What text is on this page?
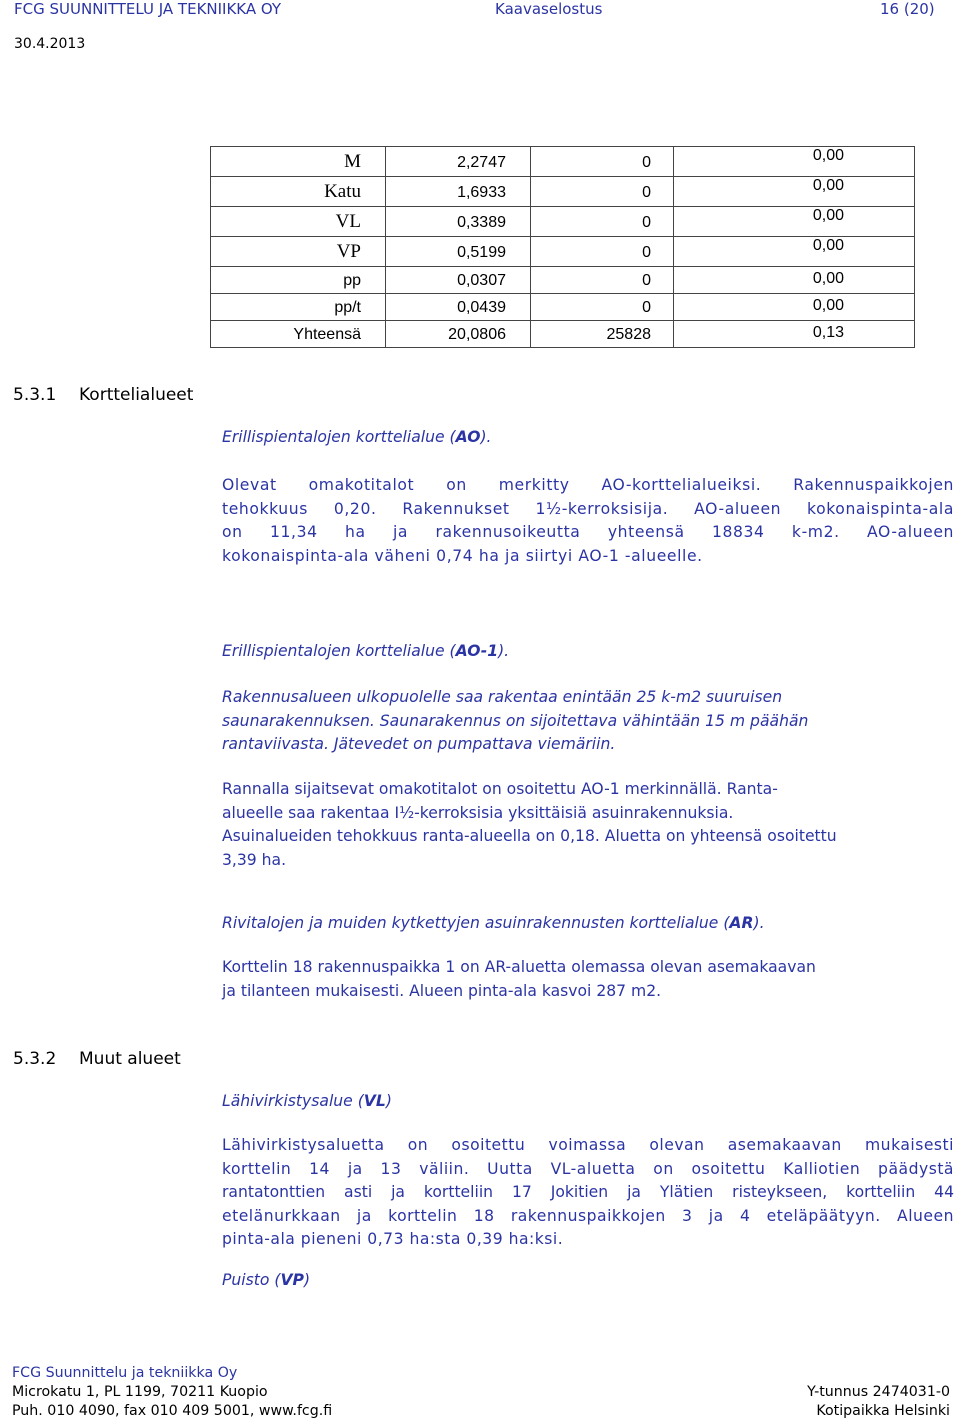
FCG SUUNNITTELU JA TEKNIIKKA OY	Kaavaselostus	16 (20)
30.4.2013
M	2,2747	0	0,00
Katu	1,6933	0	0,00
VL	0,3389	0	0,00
VP	0,5199	0	0,00
pp	0,0307	0	0,00
pp/t	0,0439	0	0,00
Yhteensä	20,0806	25828	0,13
5.3.1 Korttelialueet
Erillispientalojen korttelialue (AO).
Olevat omakotitalot on merkitty AO-korttelialueiksi. Rakennuspaikkojen
tehokkuus 0,20. Rakennukset 1½-kerroksisija. AO-alueen kokonaispinta-ala
on 11,34 ha ja rakennusoikeutta yhteensä 18834 k-m2. AO-alueen
kokonaispinta-ala väheni 0,74 ha ja siirtyi AO-1 -alueelle.
Erillispientalojen korttelialue (AO-1).
Rakennusalueen ulkopuolelle saa rakentaa enintään 25 k-m2 suuruisen
saunarakennuksen. Saunarakennus on sijoitettava vähintään 15 m päähän
rantaviivasta. Jätevedet on pumpattava viemäriin.
Rannalla sijaitsevat omakotitalot on osoitettu AO-1 merkinnällä. Ranta-
alueelle saa rakentaa I½-kerroksisia yksittäisiä asuinrakennuksia.
Asuinalueiden tehokkuus ranta-alueella on 0,18. Aluetta on yhteensä osoitettu
3,39 ha.
Rivitalojen ja muiden kytkettyjen asuinrakennusten korttelialue (AR).
Korttelin 18 rakennuspaikka 1 on AR-aluetta olemassa olevan asemakaavan
ja tilanteen mukaisesti. Alueen pinta-ala kasvoi 287 m2.
5.3.2 Muut alueet
Lähivirkistysalue (VL)
Lähivirkistysaluetta on osoitettu voimassa olevan asemakaavan mukaisesti
korttelin 14 ja 13 väliin. Uutta VL-aluetta on osoitettu Kalliotien päädystä
rantatonttien asti ja kortteliin 17 Jokitien ja Ylätien risteykseen, kortteliin 44
etelänurkkaan ja korttelin 18 rakennuspaikkojen 3 ja 4 eteläpäätyyn. Alueen
pinta-ala pieneni 0,73 ha:sta 0,39 ha:ksi.
Puisto (VP)
FCG Suunnittelu ja tekniikka Oy
Microkatu 1, PL 1199, 70211 Kuopio	Y-tunnus 2474031-0
Puh. 010 4090, fax 010 409 5001, www.fcg.fi	Kotipaikka Helsinki
